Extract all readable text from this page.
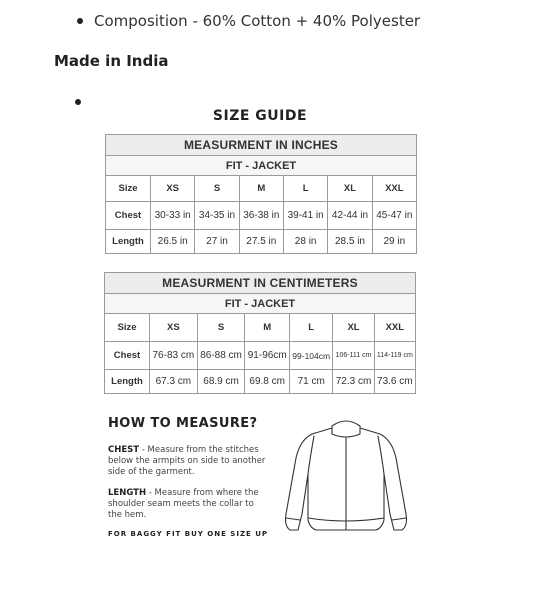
Composition - 60% Cotton + 40% Polyester
Made in India
SIZE GUIDE
MEASURMENT IN INCHES						
FIT - JACKET						
Size	XS	S	M	L	XL	XXL
Chest	30-33 in	34-35 in	36-38 in	39-41 in	42-44 in	45-47 in
Length	26.5 in	27 in	27.5 in	28 in	28.5 in	29 in
MEASURMENT IN CENTIMETERS						
FIT - JACKET						
Size	XS	S	M	L	XL	XXL
Chest	76-83 cm	86-88 cm	91-96cm	99-104cm	106-111 cm	114-119 cm
Length	67.3 cm	68.9 cm	69.8 cm	71 cm	72.3 cm	73.6 cm
HOW TO MEASURE?
CHEST - Measure from the stitches below the armpits on side to another side of the garment.
LENGTH - Measure from where the shoulder seam meets the collar to the hem.
FOR BAGGY FIT BUY ONE SIZE UP
